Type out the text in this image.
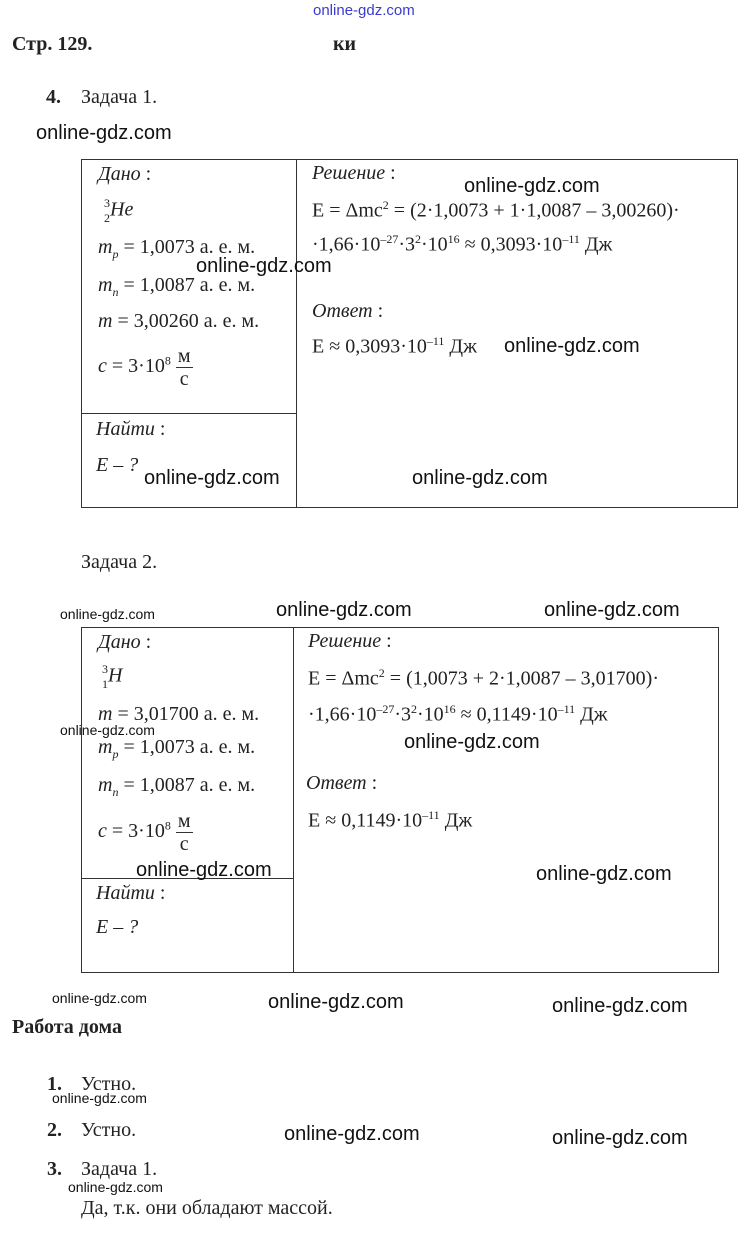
online-gdz.com
Стр. 129.	ки
4. Задача 1.
Дано :
3
2 He
$m_p = 1,0073$ а. е. м.
$m_n = 1,0087$ а. е. м.
m = 3,00260 а. е. м.
$c = 3\cdot 10^8 \frac{м}{с}$
Найти :
E – ?
Решение :
E = Δmc$^2$ = (2·1,0073 + 1·1,0087 – 3,00260)·
$\cdot 1,66\cdot 10^{-27}\cdot 3^2\cdot 10^{16} \approx 0,3093\cdot 10^{-11}$ Дж
Ответ :
$E \approx 0,3093\cdot 10^{-11}$ Дж
Задача 2.
Дано :
3
1 H
m = 3,01700 а. е. м.
$m_p = 1,0073$ а. е. м.
$m_n = 1,0087$ а. е. м.
$c = 3\cdot 10^8 \frac{м}{с}$
Найти :
E – ?
Решение :
E = Δmc$^2$ = (1,0073 + 2·1,0087 – 3,01700)·
$\cdot 1,66\cdot 10^{-27}\cdot 3^2\cdot 10^{16} \approx 0,1149\cdot 10^{-11}$ Дж
Ответ :
$E \approx 0,1149\cdot 10^{-11}$ Дж
Работа дома
1. Устно.
2. Устно.
3. Задача 1.
Да, т.к. они обладают массой.
online-gdz.com
online-gdz.com
online-gdz.com
online-gdz.com
online-gdz.com	online-gdz.com
online-gdz.com	online-gdz.com	online-gdz.com
online-gdz.com
online-gdz.com
online-gdz.com	online-gdz.com
online-gdz.com	online-gdz.com	online-gdz.com
online-gdz.com
online-gdz.com	online-gdz.com
online-gdz.com
